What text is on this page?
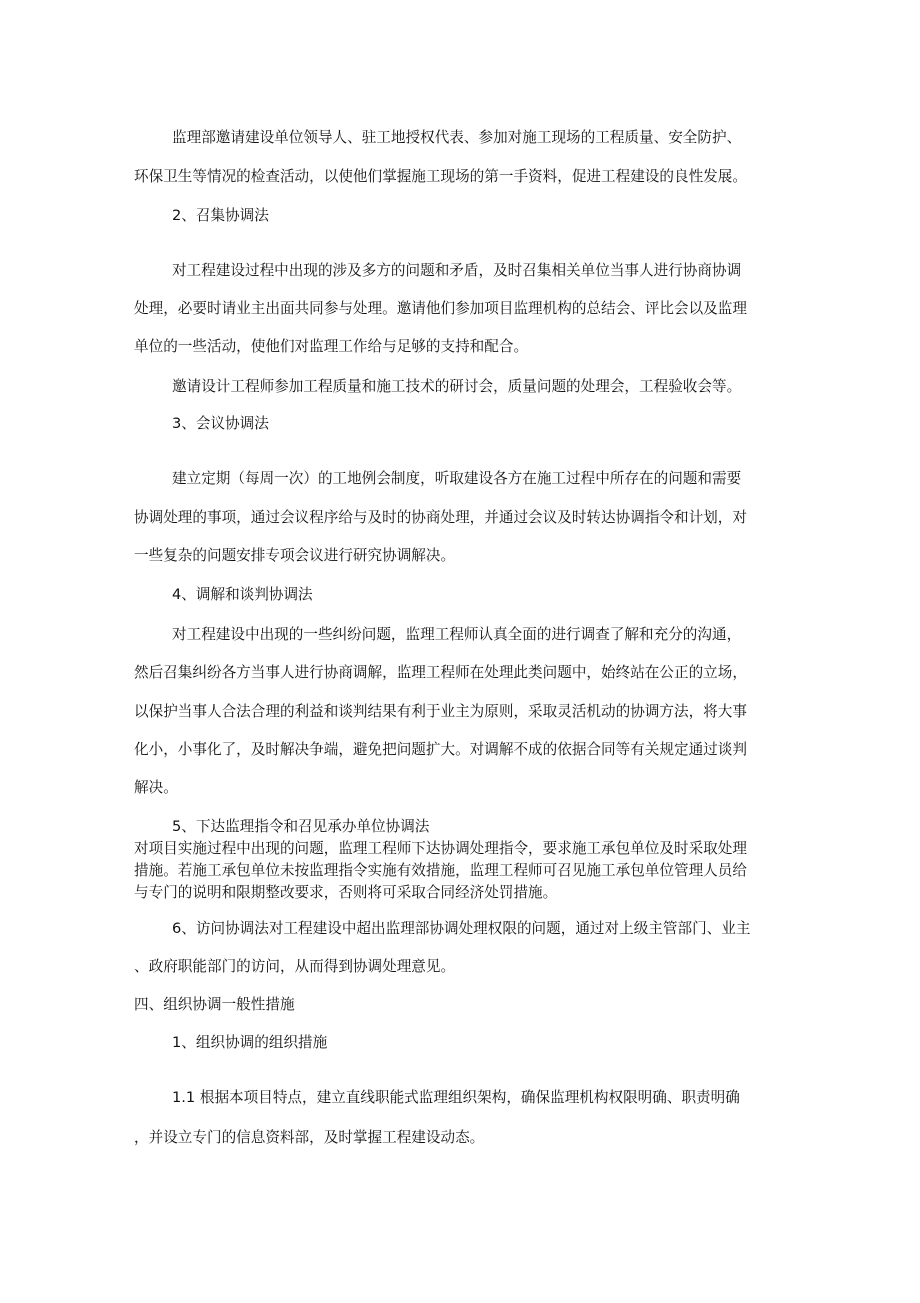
监理部邀请建设单位领导人、驻工地授权代表、参加对施工现场的工程质量、安全防护、
环保卫生等情况的检查活动，以使他们掌握施工现场的第一手资料，促进工程建设的良性发展。
2、召集协调法
对工程建设过程中出现的涉及多方的问题和矛盾，及时召集相关单位当事人进行协商协调
处理，必要时请业主出面共同参与处理。邀请他们参加项目监理机构的总结会、评比会以及监理
单位的一些活动，使他们对监理工作给与足够的支持和配合。
邀请设计工程师参加工程质量和施工技术的研讨会，质量问题的处理会，工程验收会等。
3、会议协调法
建立定期（每周一次）的工地例会制度，听取建设各方在施工过程中所存在的问题和需要
协调处理的事项，通过会议程序给与及时的协商处理，并通过会议及时转达协调指令和计划，对
一些复杂的问题安排专项会议进行研究协调解决。
4、调解和谈判协调法
对工程建设中出现的一些纠纷问题，监理工程师认真全面的进行调查了解和充分的沟通，
然后召集纠纷各方当事人进行协商调解，监理工程师在处理此类问题中，始终站在公正的立场，
以保护当事人合法合理的利益和谈判结果有利于业主为原则，采取灵活机动的协调方法，将大事
化小，小事化了，及时解决争端，避免把问题扩大。对调解不成的依据合同等有关规定通过谈判
解决。
5、下达监理指令和召见承办单位协调法
对项目实施过程中出现的问题，监理工程师下达协调处理指令，要求施工承包单位及时采取处理
措施。若施工承包单位未按监理指令实施有效措施，监理工程师可召见施工承包单位管理人员给
与专门的说明和限期整改要求，否则将可采取合同经济处罚措施。
6、访问协调法对工程建设中超出监理部协调处理权限的问题，通过对上级主管部门、业主
、政府职能部门的访问，从而得到协调处理意见。
四、组织协调一般性措施
1、组织协调的组织措施
1.1 根据本项目特点，建立直线职能式监理组织架构，确保监理机构权限明确、职责明确
，并设立专门的信息资料部，及时掌握工程建设动态。
